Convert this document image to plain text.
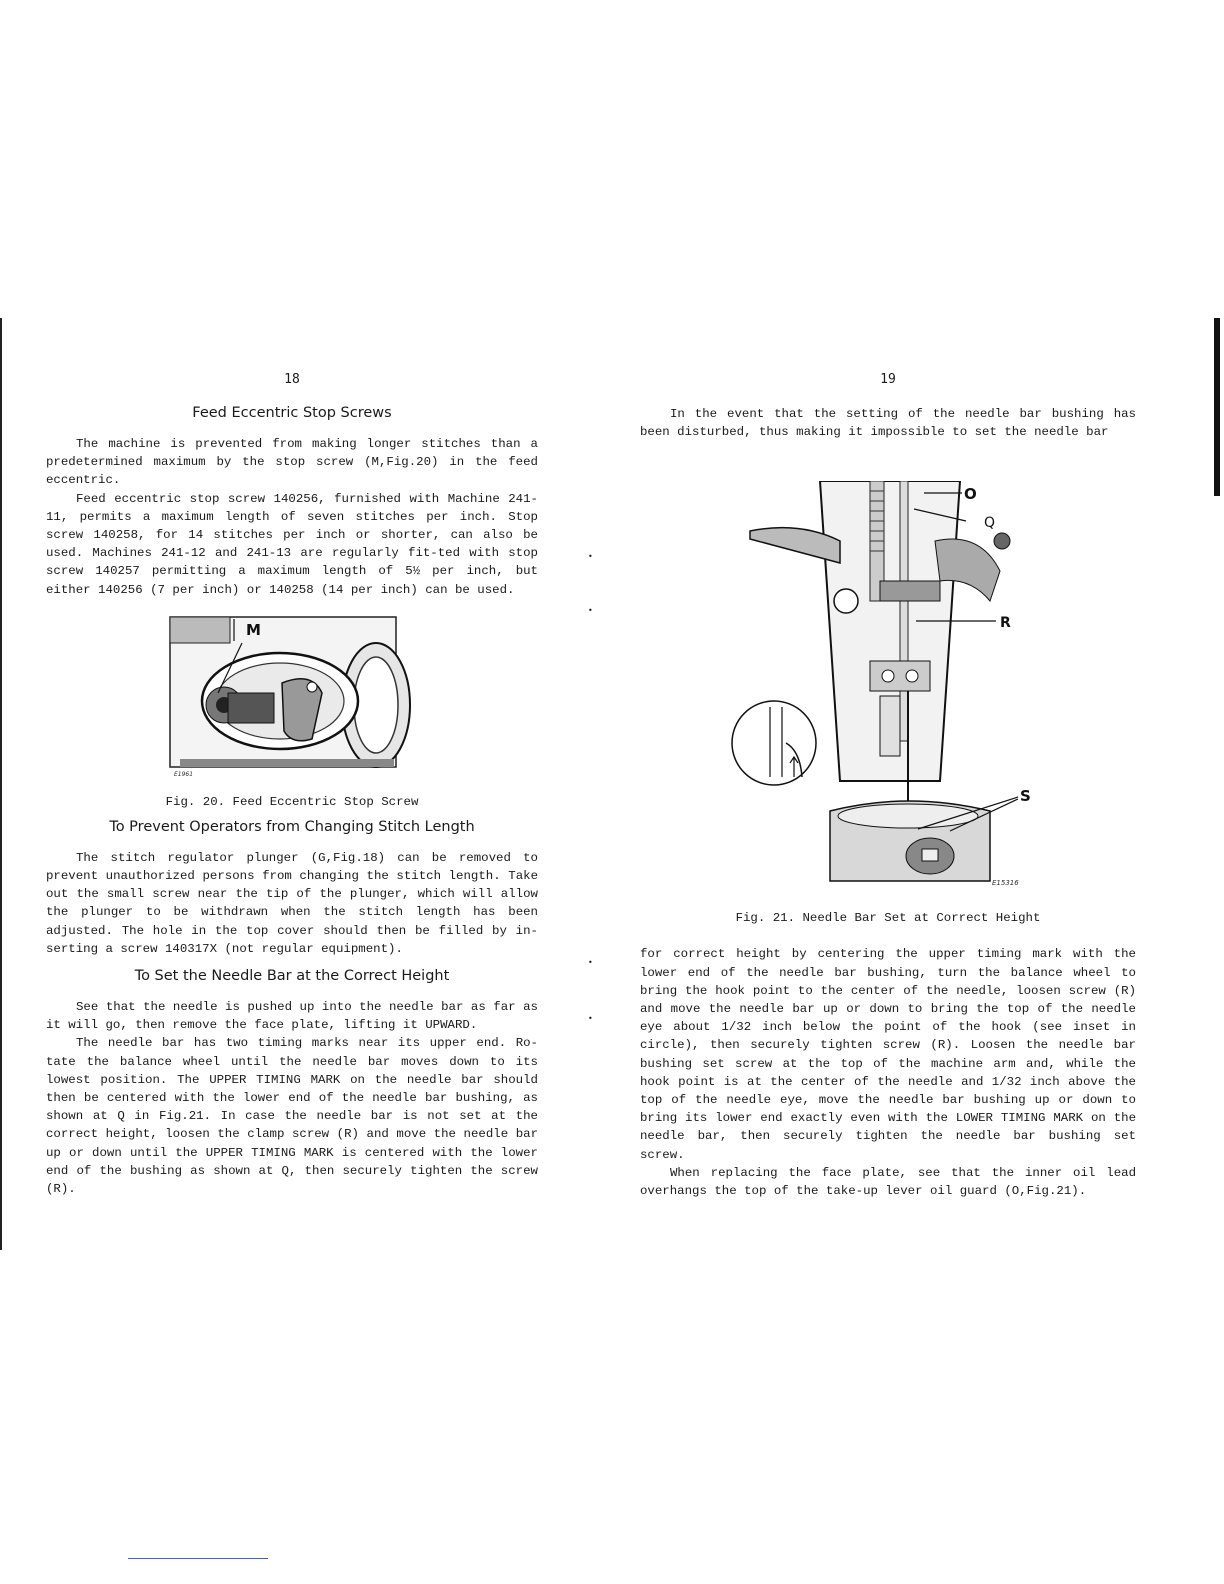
18
Feed Eccentric Stop Screws

The machine is prevented from making longer stitches than a predetermined maximum by the stop screw (M,Fig.20) in the feed eccentric.

Feed eccentric stop screw 140256, furnished with Machine 241-11, permits a maximum length of seven stitches per inch. Stop screw 140258, for 14 stitches per inch or shorter, can also be used. Machines 241-12 and 241-13 are regularly fit-ted with stop screw 140257 permitting a maximum length of 5½ per inch, but either 140256 (7 per inch) or 140258 (14 per inch) can be used.

M
E1961
Fig. 20. Feed Eccentric Stop Screw
To Prevent Operators from Changing Stitch Length

The stitch regulator plunger (G,Fig.18) can be removed to prevent unauthorized persons from changing the stitch length. Take out the small screw near the tip of the plunger, which will allow the plunger to be withdrawn when the stitch length has been adjusted. The hole in the top cover should then be filled by in-serting a screw 140317X (not regular equipment).

To Set the Needle Bar at the Correct Height

See that the needle is pushed up into the needle bar as far as it will go, then remove the face plate, lifting it UPWARD.

The needle bar has two timing marks near its upper end. Ro-tate the balance wheel until the needle bar moves down to its lowest position. The UPPER TIMING MARK on the needle bar should then be centered with the lower end of the needle bar bushing, as shown at Q in Fig.21. In case the needle bar is not set at the correct height, loosen the clamp screw (R) and move the needle bar up or down until the UPPER TIMING MARK is centered with the lower end of the bushing as shown at Q, then securely tighten the screw (R).

•
•
•
•
19

In the event that the setting of the needle bar bushing has been disturbed, thus making it impossible to set the needle bar

O
Q
R
S
E15316
Fig. 21. Needle Bar Set at Correct Height

for correct height by centering the upper timing mark with the lower end of the needle bar bushing, turn the balance wheel to bring the hook point to the center of the needle, loosen screw (R) and move the needle bar up or down to bring the top of the needle eye about 1/32 inch below the point of the hook (see inset in circle), then securely tighten screw (R). Loosen the needle bar bushing set screw at the top of the machine arm and, while the hook point is at the center of the needle and 1/32 inch above the top of the needle eye, move the needle bar bushing up or down to bring its lower end exactly even with the LOWER TIMING MARK on the needle bar, then securely tighten the needle bar bushing set screw.

When replacing the face plate, see that the inner oil lead overhangs the top of the take-up lever oil guard (O,Fig.21).
